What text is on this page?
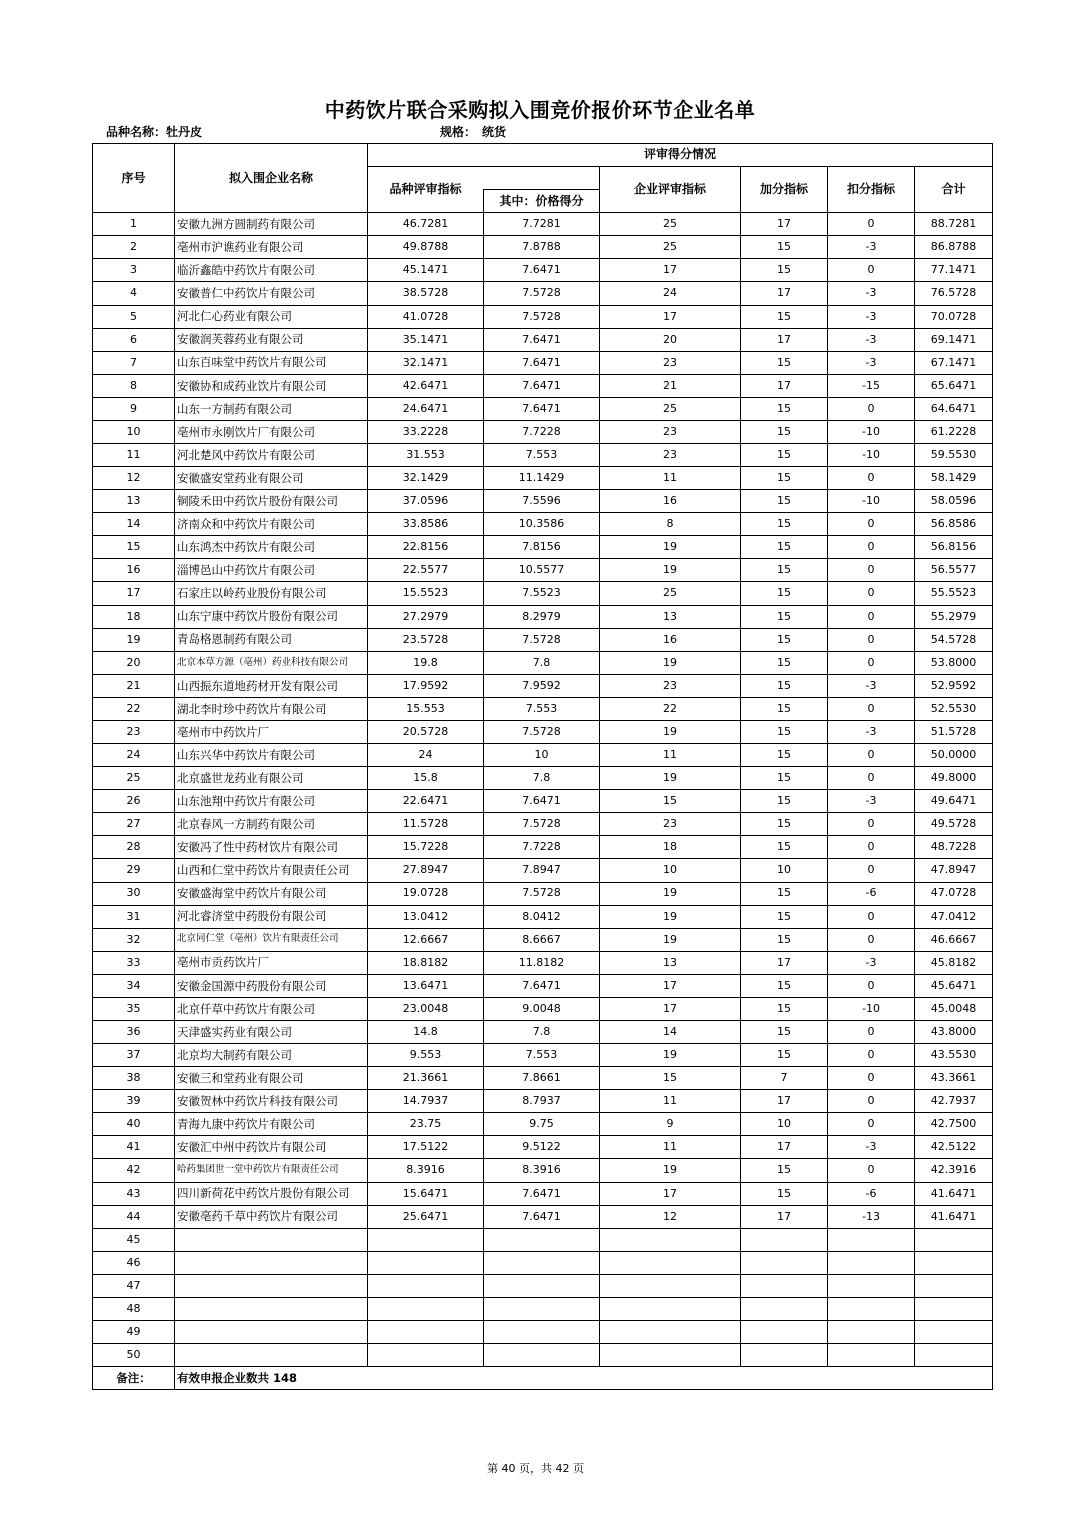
中药饮片联合采购拟入围竞价报价环节企业名单
品种名称：牡丹皮	规格： 统货
序号	拟入围企业名称	评审得分情况					
		品种评审指标		企业评审指标	加分指标	扣分指标	合计
			其中：价格得分				
1	安徽九洲方圆制药有限公司	46.7281	7.7281	25	17	0	88.7281
2	亳州市沪谯药业有限公司	49.8788	7.8788	25	15	-3	86.8788
3	临沂鑫皓中药饮片有限公司	45.1471	7.6471	17	15	0	77.1471
4	安徽普仁中药饮片有限公司	38.5728	7.5728	24	17	-3	76.5728
5	河北仁心药业有限公司	41.0728	7.5728	17	15	-3	70.0728
6	安徽润芙蓉药业有限公司	35.1471	7.6471	20	17	-3	69.1471
7	山东百味堂中药饮片有限公司	32.1471	7.6471	23	15	-3	67.1471
8	安徽协和成药业饮片有限公司	42.6471	7.6471	21	17	-15	65.6471
9	山东一方制药有限公司	24.6471	7.6471	25	15	0	64.6471
10	亳州市永刚饮片厂有限公司	33.2228	7.7228	23	15	-10	61.2228
11	河北楚风中药饮片有限公司	31.553	7.553	23	15	-10	59.5530
12	安徽盛安堂药业有限公司	32.1429	11.1429	11	15	0	58.1429
13	铜陵禾田中药饮片股份有限公司	37.0596	7.5596	16	15	-10	58.0596
14	济南众和中药饮片有限公司	33.8586	10.3586	8	15	0	56.8586
15	山东鸿杰中药饮片有限公司	22.8156	7.8156	19	15	0	56.8156
16	淄博邑山中药饮片有限公司	22.5577	10.5577	19	15	0	56.5577
17	石家庄以岭药业股份有限公司	15.5523	7.5523	25	15	0	55.5523
18	山东宁康中药饮片股份有限公司	27.2979	8.2979	13	15	0	55.2979
19	青岛格恩制药有限公司	23.5728	7.5728	16	15	0	54.5728
20	北京本草方源（亳州）药业科技有限公司	19.8	7.8	19	15	0	53.8000
21	山西振东道地药材开发有限公司	17.9592	7.9592	23	15	-3	52.9592
22	湖北李时珍中药饮片有限公司	15.553	7.553	22	15	0	52.5530
23	亳州市中药饮片厂	20.5728	7.5728	19	15	-3	51.5728
24	山东兴华中药饮片有限公司	24	10	11	15	0	50.0000
25	北京盛世龙药业有限公司	15.8	7.8	19	15	0	49.8000
26	山东池翔中药饮片有限公司	22.6471	7.6471	15	15	-3	49.6471
27	北京春风一方制药有限公司	11.5728	7.5728	23	15	0	49.5728
28	安徽冯了性中药材饮片有限公司	15.7228	7.7228	18	15	0	48.7228
29	山西和仁堂中药饮片有限责任公司	27.8947	7.8947	10	10	0	47.8947
30	安徽盛海堂中药饮片有限公司	19.0728	7.5728	19	15	-6	47.0728
31	河北睿济堂中药股份有限公司	13.0412	8.0412	19	15	0	47.0412
32	北京同仁堂（亳州）饮片有限责任公司	12.6667	8.6667	19	15	0	46.6667
33	亳州市贡药饮片厂	18.8182	11.8182	13	17	-3	45.8182
34	安徽金国源中药股份有限公司	13.6471	7.6471	17	15	0	45.6471
35	北京仟草中药饮片有限公司	23.0048	9.0048	17	15	-10	45.0048
36	天津盛实药业有限公司	14.8	7.8	14	15	0	43.8000
37	北京均大制药有限公司	9.553	7.553	19	15	0	43.5530
38	安徽三和堂药业有限公司	21.3661	7.8661	15	7	0	43.3661
39	安徽贺林中药饮片科技有限公司	14.7937	8.7937	11	17	0	42.7937
40	青海九康中药饮片有限公司	23.75	9.75	9	10	0	42.7500
41	安徽汇中州中药饮片有限公司	17.5122	9.5122	11	17	-3	42.5122
42	哈药集团世一堂中药饮片有限责任公司	8.3916	8.3916	19	15	0	42.3916
43	四川新荷花中药饮片股份有限公司	15.6471	7.6471	17	15	-6	41.6471
44	安徽亳药千草中药饮片有限公司	25.6471	7.6471	12	17	-13	41.6471
45							
46							
47							
48							
49							
50							
备注：	有效申报企业数共 148						
第 40 页，共 42 页
